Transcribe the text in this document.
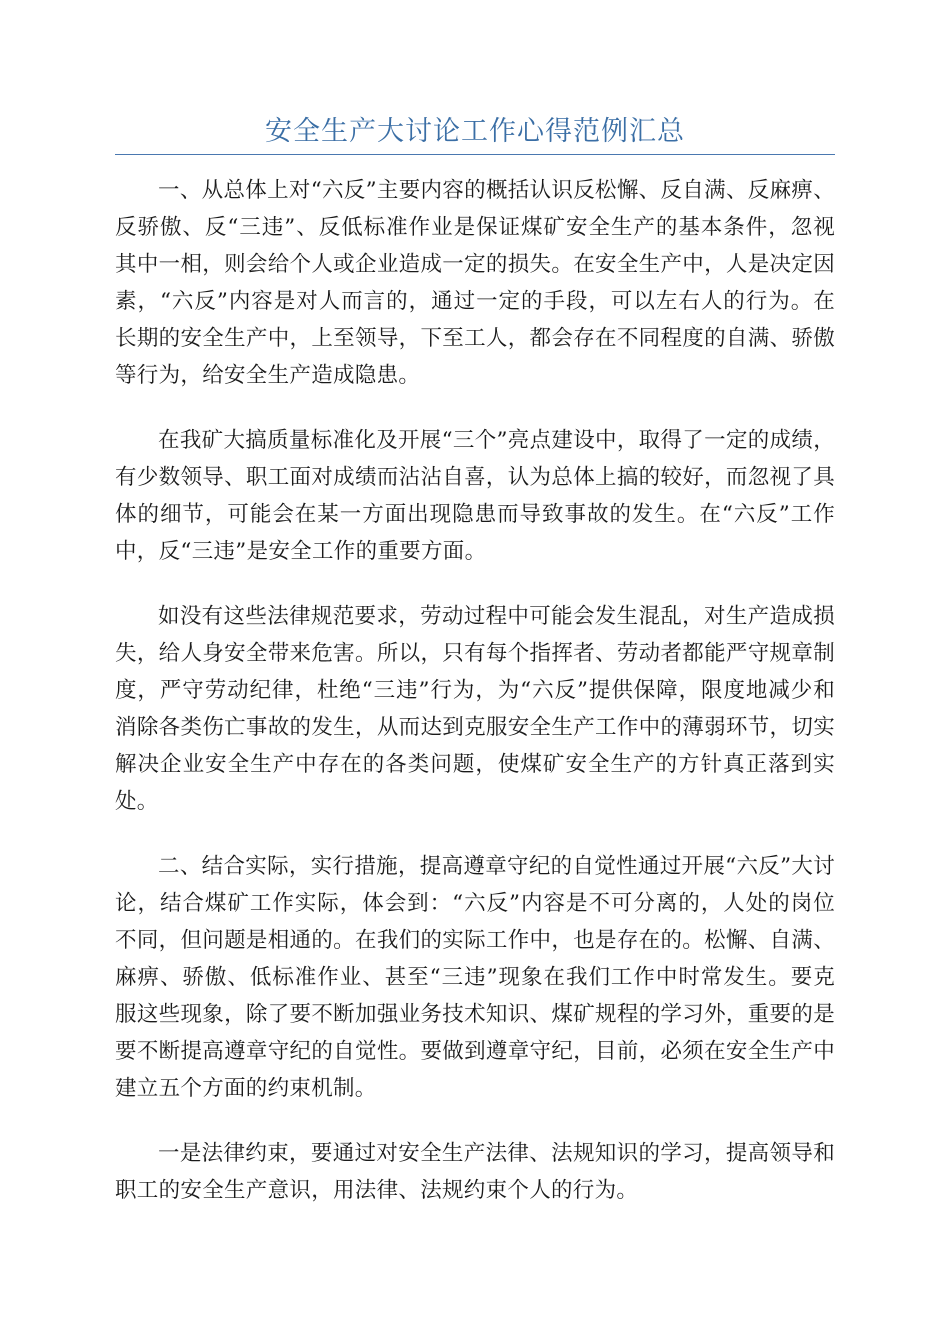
安全生产大讨论工作心得范例汇总

一、从总体上对“六反”主要内容的概括认识反松懈、反自满、反麻痹、反骄傲、反“三违”、反低标准作业是保证煤矿安全生产的基本条件，忽视其中一相，则会给个人或企业造成一定的损失。在安全生产中，人是决定因素，“六反”内容是对人而言的，通过一定的手段，可以左右人的行为。在长期的安全生产中，上至领导，下至工人，都会存在不同程度的自满、骄傲等行为，给安全生产造成隐患。

在我矿大搞质量标准化及开展“三个”亮点建设中，取得了一定的成绩，有少数领导、职工面对成绩而沾沾自喜，认为总体上搞的较好，而忽视了具体的细节，可能会在某一方面出现隐患而导致事故的发生。在“六反”工作中，反“三违”是安全工作的重要方面。

如没有这些法律规范要求，劳动过程中可能会发生混乱，对生产造成损失，给人身安全带来危害。所以，只有每个指挥者、劳动者都能严守规章制度，严守劳动纪律，杜绝“三违”行为，为“六反”提供保障，限度地减少和消除各类伤亡事故的发生，从而达到克服安全生产工作中的薄弱环节，切实解决企业安全生产中存在的各类问题，使煤矿安全生产的方针真正落到实处。

二、结合实际，实行措施，提高遵章守纪的自觉性通过开展“六反”大讨论，结合煤矿工作实际，体会到：“六反”内容是不可分离的，人处的岗位不同，但问题是相通的。在我们的实际工作中，也是存在的。松懈、自满、麻痹、骄傲、低标准作业、甚至“三违”现象在我们工作中时常发生。要克服这些现象，除了要不断加强业务技术知识、煤矿规程的学习外，重要的是要不断提高遵章守纪的自觉性。要做到遵章守纪，目前，必须在安全生产中建立五个方面的约束机制。

一是法律约束，要通过对安全生产法律、法规知识的学习，提高领导和职工的安全生产意识，用法律、法规约束个人的行为。
